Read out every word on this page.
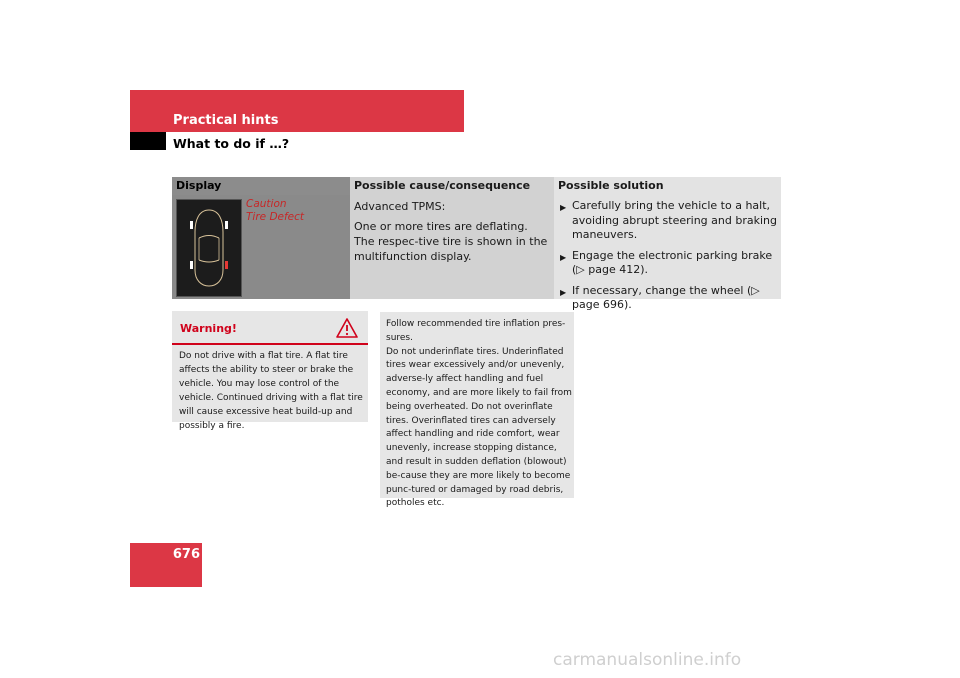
Practical hints
What to do if …?
Display	Possible cause/consequence	Possible solution
Caution
Tire Defect

Advanced TPMS:

One or more tires are deflating. The respec-tive tire is shown in the multifunction display.

▶ Carefully bring the vehicle to a halt, avoiding abrupt steering and braking maneuvers.
▶ Engage the electronic parking brake (▷ page 412).
▶ If necessary, change the wheel (▷ page 696).
Warning!
Do not drive with a flat tire. A flat tire affects the ability to steer or brake the vehicle. You may lose control of the vehicle. Continued driving with a flat tire will cause excessive heat build-up and possibly a fire.
Follow recommended tire inflation pres-sures.
Do not underinflate tires. Underinflated tires wear excessively and/or unevenly, adverse-ly affect handling and fuel economy, and are more likely to fail from being overheated. Do not overinflate tires. Overinflated tires can adversely affect handling and ride comfort, wear unevenly, increase stopping distance, and result in sudden deflation (blowout) be-cause they are more likely to become punc-tured or damaged by road debris, potholes etc.
676
carmanualsonline.info
